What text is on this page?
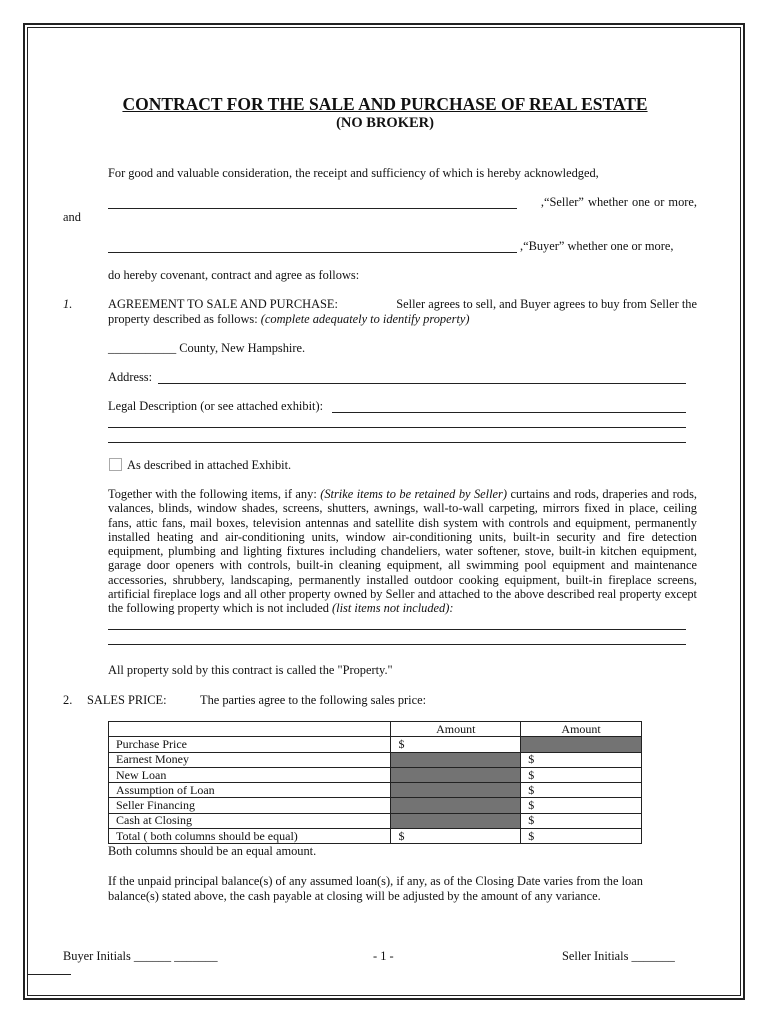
CONTRACT FOR THE SALE AND PURCHASE OF REAL ESTATE
(NO BROKER)
For good and valuable consideration, the receipt and sufficiency of which is hereby acknowledged,
,“Seller” whether one or more,
and
,“Buyer” whether one or more,
do hereby covenant, contract and agree as follows:
1.	AGREEMENT TO SALE AND PURCHASE:	Seller agrees to sell, and Buyer agrees to buy from Seller the
property described as follows: (complete adequately to identify property)
___________ County, New Hampshire.
Address:
Legal Description (or see attached exhibit):
As described in attached Exhibit.
Together with the following items, if any: (Strike items to be retained by Seller) curtains and rods, draperies and rods, valances, blinds, window shades, screens, shutters, awnings, wall-to-wall carpeting, mirrors fixed in place, ceiling fans, attic fans, mail boxes, television antennas and satellite dish system with controls and equipment, permanently installed heating and air-conditioning units, window air-conditioning units, built-in security and fire detection equipment, plumbing and lighting fixtures including chandeliers, water softener, stove, built-in kitchen equipment, garage door openers with controls, built-in cleaning equipment, all swimming pool equipment and maintenance accessories, shrubbery, landscaping, permanently installed outdoor cooking equipment, built-in fireplace screens, artificial fireplace logs and all other property owned by Seller and attached to the above described real property except the following property which is not included (list items not included):
All property sold by this contract is called the "Property."
2. SALES PRICE:	The parties agree to the following sales price:
	Amount	Amount
Purchase Price	$	
Earnest Money		$
New Loan		$
Assumption of Loan		$
Seller Financing		$
Cash at Closing		$
Total ( both columns should be equal)	$	$
Both columns should be an equal amount.
If the unpaid principal balance(s) of any assumed loan(s), if any, as of the Closing Date varies from the loan
balance(s) stated above, the cash payable at closing will be adjusted by the amount of any variance.
Buyer Initials ______ _______	- 1 -	Seller Initials _______
